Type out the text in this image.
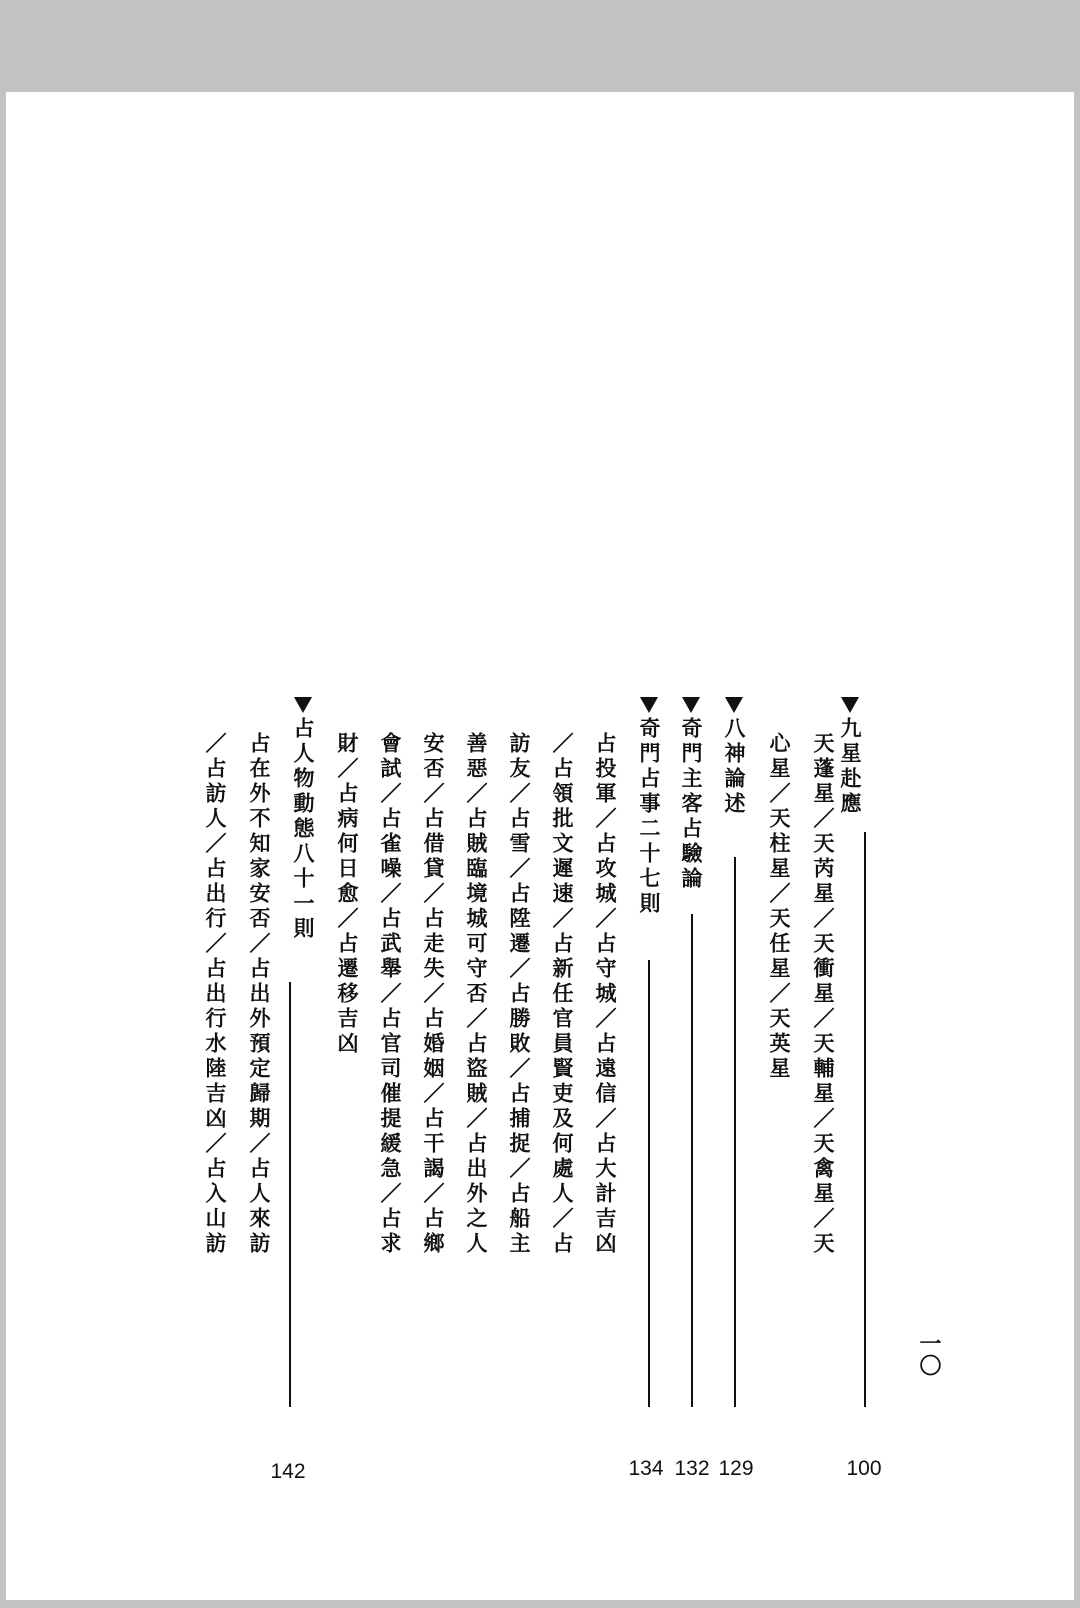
一〇
九星赴應
100
天蓬星／天芮星／天衝星／天輔星／天禽星／天
心星／天柱星／天任星／天英星
八神論述
129
奇門主客占驗論
132
奇門占事二十七則
134
占投軍／占攻城／占守城／占遠信／占大計吉凶
／占領批文遲速／占新任官員賢吏及何處人／占
訪友／占雪／占陞遷／占勝敗／占捕捉／占船主
善惡／占賊臨境城可守否／占盜賊／占出外之人
安否／占借貸／占走失／占婚姻／占干謁／占鄉
會試／占雀噪／占武舉／占官司催提緩急／占求
財／占病何日愈／占遷移吉凶
占人物動態八十一則
142
占在外不知家安否／占出外預定歸期／占人來訪
／占訪人／占出行／占出行水陸吉凶／占入山訪
